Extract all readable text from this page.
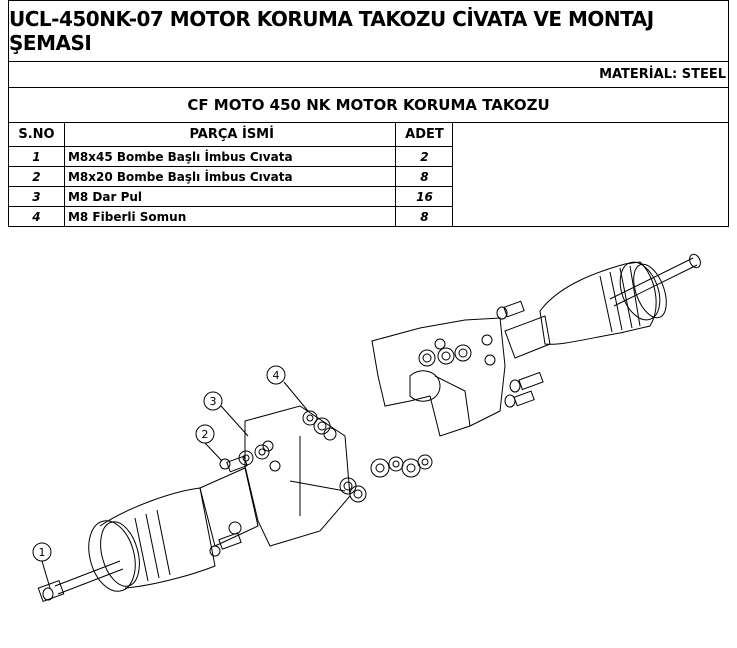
UCL-450NK-07 MOTOR KORUMA TAKOZU CİVATA VE MONTAJ ŞEMASI
MATERİAL: STEEL
CF MOTO 450 NK MOTOR KORUMA TAKOZU
S.NO	PARÇA İSMİ	ADET	
1	M8x45 Bombe Başlı İmbus Cıvata	2	
2	M8x20 Bombe Başlı İmbus Cıvata	8	
3	M8 Dar Pul	16	
4	M8 Fiberli Somun	8	
1
2
3
4
